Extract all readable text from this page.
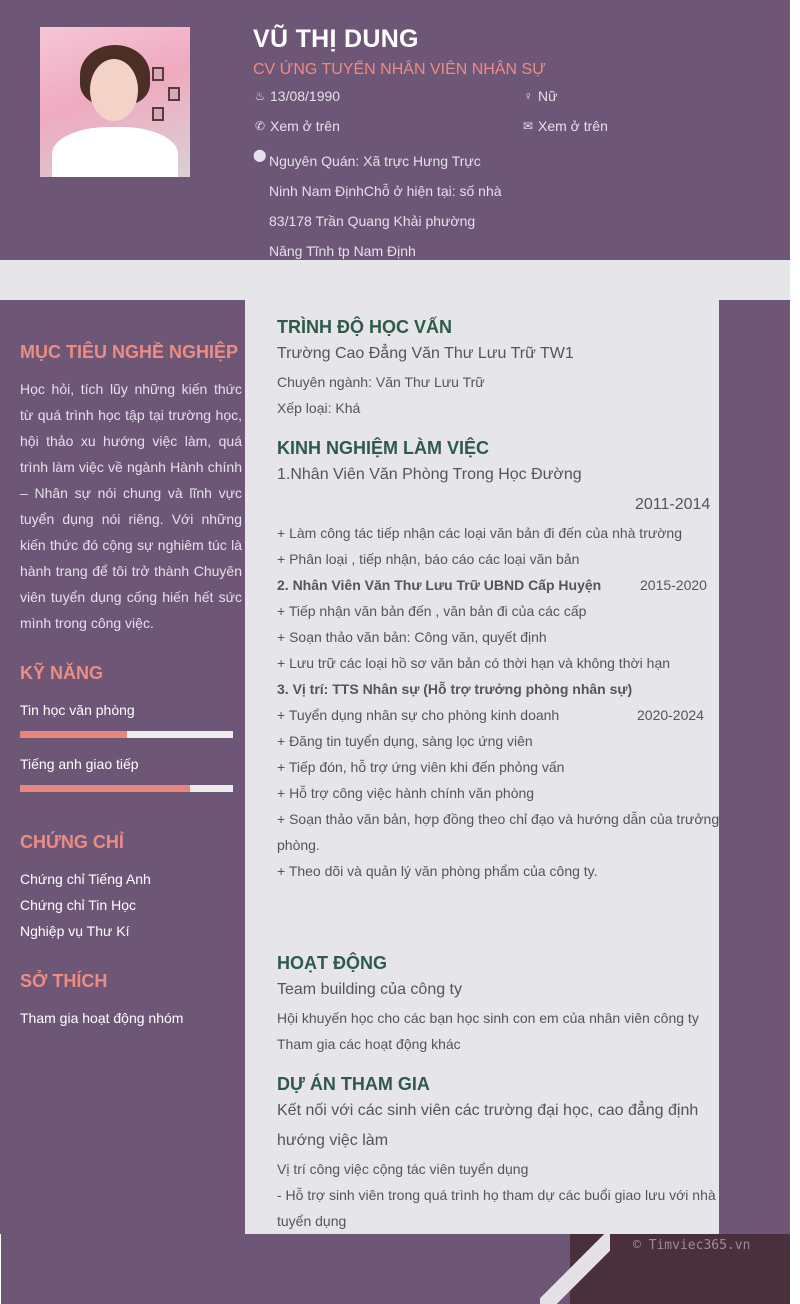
VŨ THỊ DUNG
CV ỨNG TUYỂN NHÂN VIÊN NHÂN SỰ
♨ 13/08/1990	♀ Nữ
✆ Xem ở trên	✉ Xem ở trên
⬤ Nguyên Quán: Xã trực Hưng Trực
Ninh Nam ĐịnhChỗ ở hiện tại: số nhà
83/178 Trần Quang Khải phường
Năng Tĩnh tp Nam Định
MỤC TIÊU NGHỀ NGHIỆP
Học hỏi, tích lũy những kiến thức từ quá trình học tập tại trường học, hội thảo xu hướng việc làm, quá trình làm việc về ngành Hành chính – Nhân sự nói chung và lĩnh vực tuyển dụng nói riêng. Với những kiến thức đó cộng sự nghiêm túc là hành trang để tôi trở thành Chuyên viên tuyển dụng cống hiến hết sức mình trong công việc.
KỸ NĂNG
Tin học văn phòng
Tiếng anh giao tiếp
CHỨNG CHỈ
Chứng chỉ Tiếng Anh
Chứng chỉ Tin Học
Nghiệp vụ Thư Kí
SỞ THÍCH
Tham gia hoạt động nhóm
TRÌNH ĐỘ HỌC VẤN
Trường Cao Đẳng Văn Thư Lưu Trữ TW1
Chuyên ngành: Văn Thư Lưu Trữ
Xếp loại: Khá
KINH NGHIỆM LÀM VIỆC
1.Nhân Viên Văn Phòng Trong Học Đường
2011-2014
+ Làm công tác tiếp nhận các loại văn bản đi đến của nhà trường
+ Phân loại , tiếp nhận, báo cáo các loại văn bản
2. Nhân Viên Văn Thư Lưu Trữ UBND Cấp Huyện	2015-2020
+ Tiếp nhận văn bản đến , văn bản đi của các cấp
+ Soạn thảo văn bản: Công văn, quyết định
+ Lưu trữ các loại hồ sơ văn bản có thời hạn và không thời hạn
3. Vị trí: TTS Nhân sự (Hỗ trợ trưởng phòng nhân sự)
+ Tuyển dụng nhân sự cho phòng kinh doanh	2020-2024
+ Đăng tin tuyển dụng, sàng lọc ứng viên
+ Tiếp đón, hỗ trợ ứng viên khi đến phỏng vấn
+ Hỗ trợ công việc hành chính văn phòng
+ Soạn thảo văn bản, hợp đồng theo chỉ đạo và hướng dẫn của trưởng
phòng.
+ Theo dõi và quản lý văn phòng phẩm của công ty.
HOẠT ĐỘNG
Team building của công ty
Hội khuyến học cho các bạn học sinh con em của nhân viên công ty
Tham gia các hoạt động khác
DỰ ÁN THAM GIA
Kết nối với các sinh viên các trường đại học, cao đẳng định
hướng việc làm
Vị trí công việc cộng tác viên tuyển dụng
- Hỗ trợ sinh viên trong quá trình họ tham dự các buổi giao lưu với nhà
tuyển dụng
© Timviec365.vn
